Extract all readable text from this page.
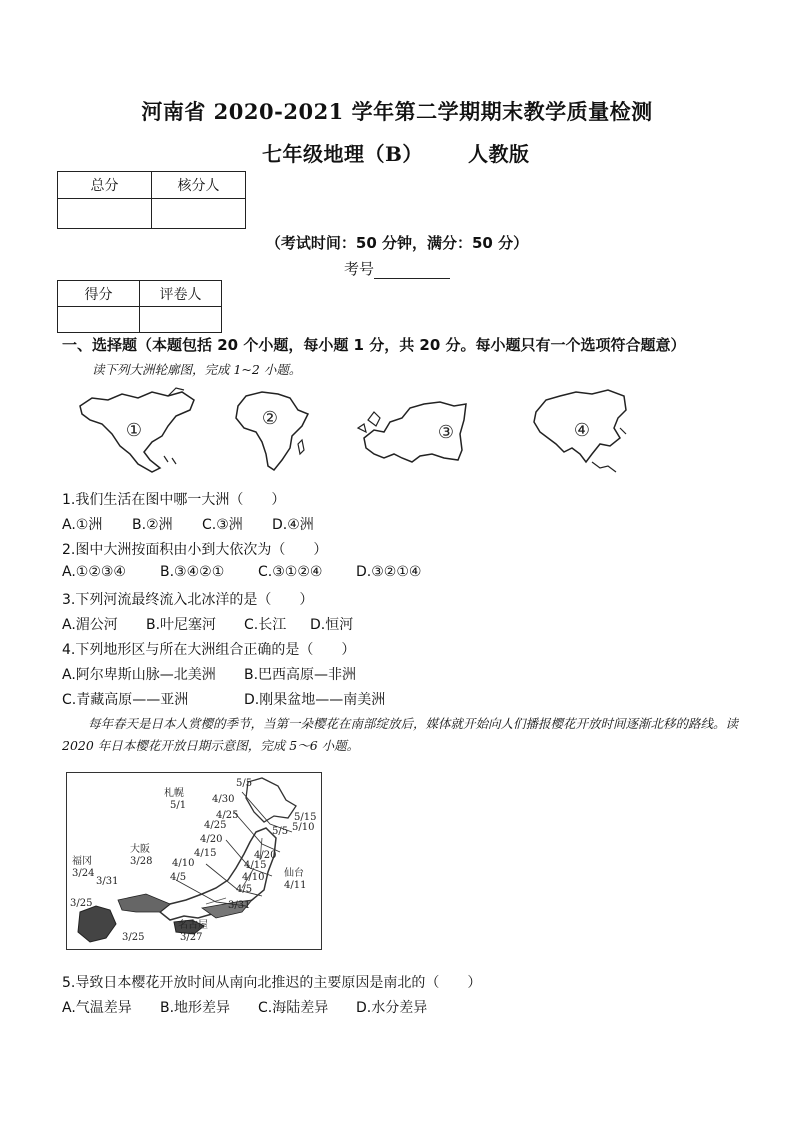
河南省 2020-2021 学年第二学期期末教学质量检测
七年级地理（B） 人教版
总分	核分人

（考试时间：50 分钟，满分：50 分）
考号
得分	评卷人

一、选择题（本题包括 20 个小题，每小题 1 分，共 20 分。每小题只有一个选项符合题意）
读下列大洲轮廓图，完成 1~2 小题。
①
②
③	④
1.我们生活在图中哪一大洲（　　）
A.①洲 B.②洲 C.③洲 D.④洲
2.图中大洲按面积由小到大依次为（　　）
A.①②③④ B.③④②① C.③①②④ D.③②①④
3.下列河流最终流入北冰洋的是（　　）
A.湄公河 B.叶尼塞河 C.长江 D.恒河
4.下列地形区与所在大洲组合正确的是（　　）
A.阿尔卑斯山脉—北美洲 B.巴西高原—非洲
C.青藏高原——亚洲	D.刚果盆地——南美洲
每年春天是日本人赏樱的季节，当第一朵樱花在南部绽放后，媒体就开始向人们播报樱花开放时间逐渐北移的路线。读 2020 年日本樱花开放日期示意图，完成 5～6 小题。
札幌
5/1
大阪
3/28
福冈
3/24	仙台
4/11
名古屋
3/27
5/5
4/30
4/25
4/25
4/20
4/20
4/15
4/15
4/10
4/10
4/5
4/5
3/31
3/31
3/25
3/25
5/15
5/10
5/5
5.导致日本樱花开放时间从南向北推迟的主要原因是南北的（　　）
A.气温差异 B.地形差异 C.海陆差异 D.水分差异
